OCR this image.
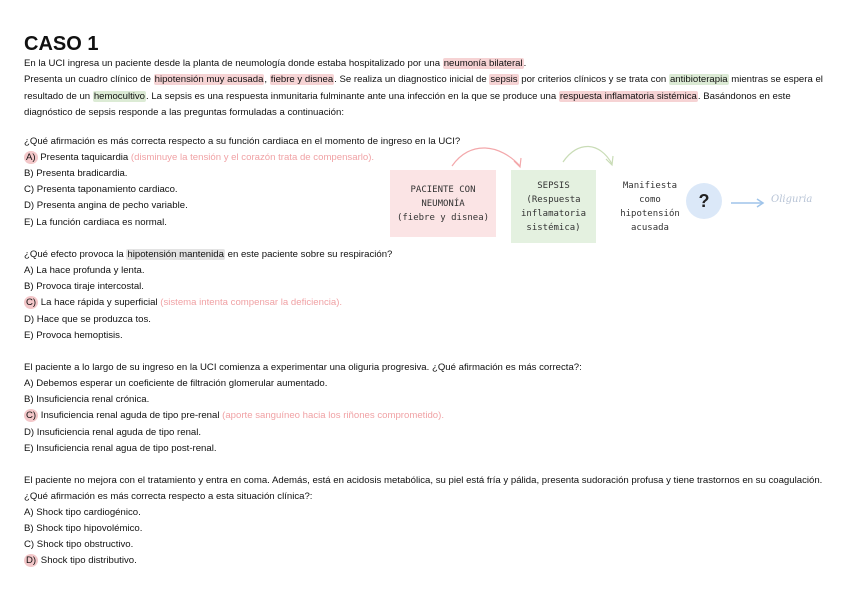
CASO 1

En la UCI ingresa un paciente desde la planta de neumología donde estaba hospitalizado por una neumonía bilateral.
Presenta un cuadro clínico de hipotensión muy acusada, fiebre y disnea. Se realiza un diagnostico inicial de sepsis por criterios clínicos y se trata con antibioterapia mientras se espera el resultado de un hemocultivo. La sepsis es una respuesta inmunitaria fulminante ante una infección en la que se produce una respuesta inflamatoria sistémica. Basándonos en este diagnóstico de sepsis responde a las preguntas formuladas a continuación:

¿Qué afirmación es más correcta respecto a su función cardiaca en el momento de ingreso en la UCI?

A) Presenta taquicardia (disminuye la tensión y el corazón trata de compensarlo).

B) Presenta bradicardia.

C) Presenta taponamiento cardiaco.

D) Presenta angina de pecho variable.

E) La función cardiaca es normal.

¿Qué efecto provoca la hipotensión mantenida en este paciente sobre su respiración?

A) La hace profunda y lenta.

B) Provoca tiraje intercostal.

C) La hace rápida y superficial (sistema intenta compensar la deficiencia).

D) Hace que se produzca tos.

E) Provoca hemoptisis.

El paciente a lo largo de su ingreso en la UCI comienza a experimentar una oliguria progresiva. ¿Qué afirmación es más correcta?:

A) Debemos esperar un coeficiente de filtración glomerular aumentado.

B) Insuficiencia renal crónica.

C) Insuficiencia renal aguda de tipo pre-renal (aporte sanguíneo hacia los riñones comprometido).

D) Insuficiencia renal aguda de tipo renal.

E) Insuficiencia renal agua de tipo post-renal.

El paciente no mejora con el tratamiento y entra en coma. Además, está en acidosis metabólica, su piel está fría y pálida, presenta sudoración profusa y tiene trastornos en su coagulación. ¿Qué afirmación es más correcta respecto a esta situación clínica?:

A) Shock tipo cardiogénico.

B) Shock tipo hipovolémico.

C) Shock tipo obstructivo.

D) Shock tipo distributivo.

PACIENTE CON
NEUMONÍA
(fiebre y disnea)
SEPSIS
(Respuesta
inflamatoria
sistémica)
Manifiesta
como
hipotensión
acusada
?	Oliguria
